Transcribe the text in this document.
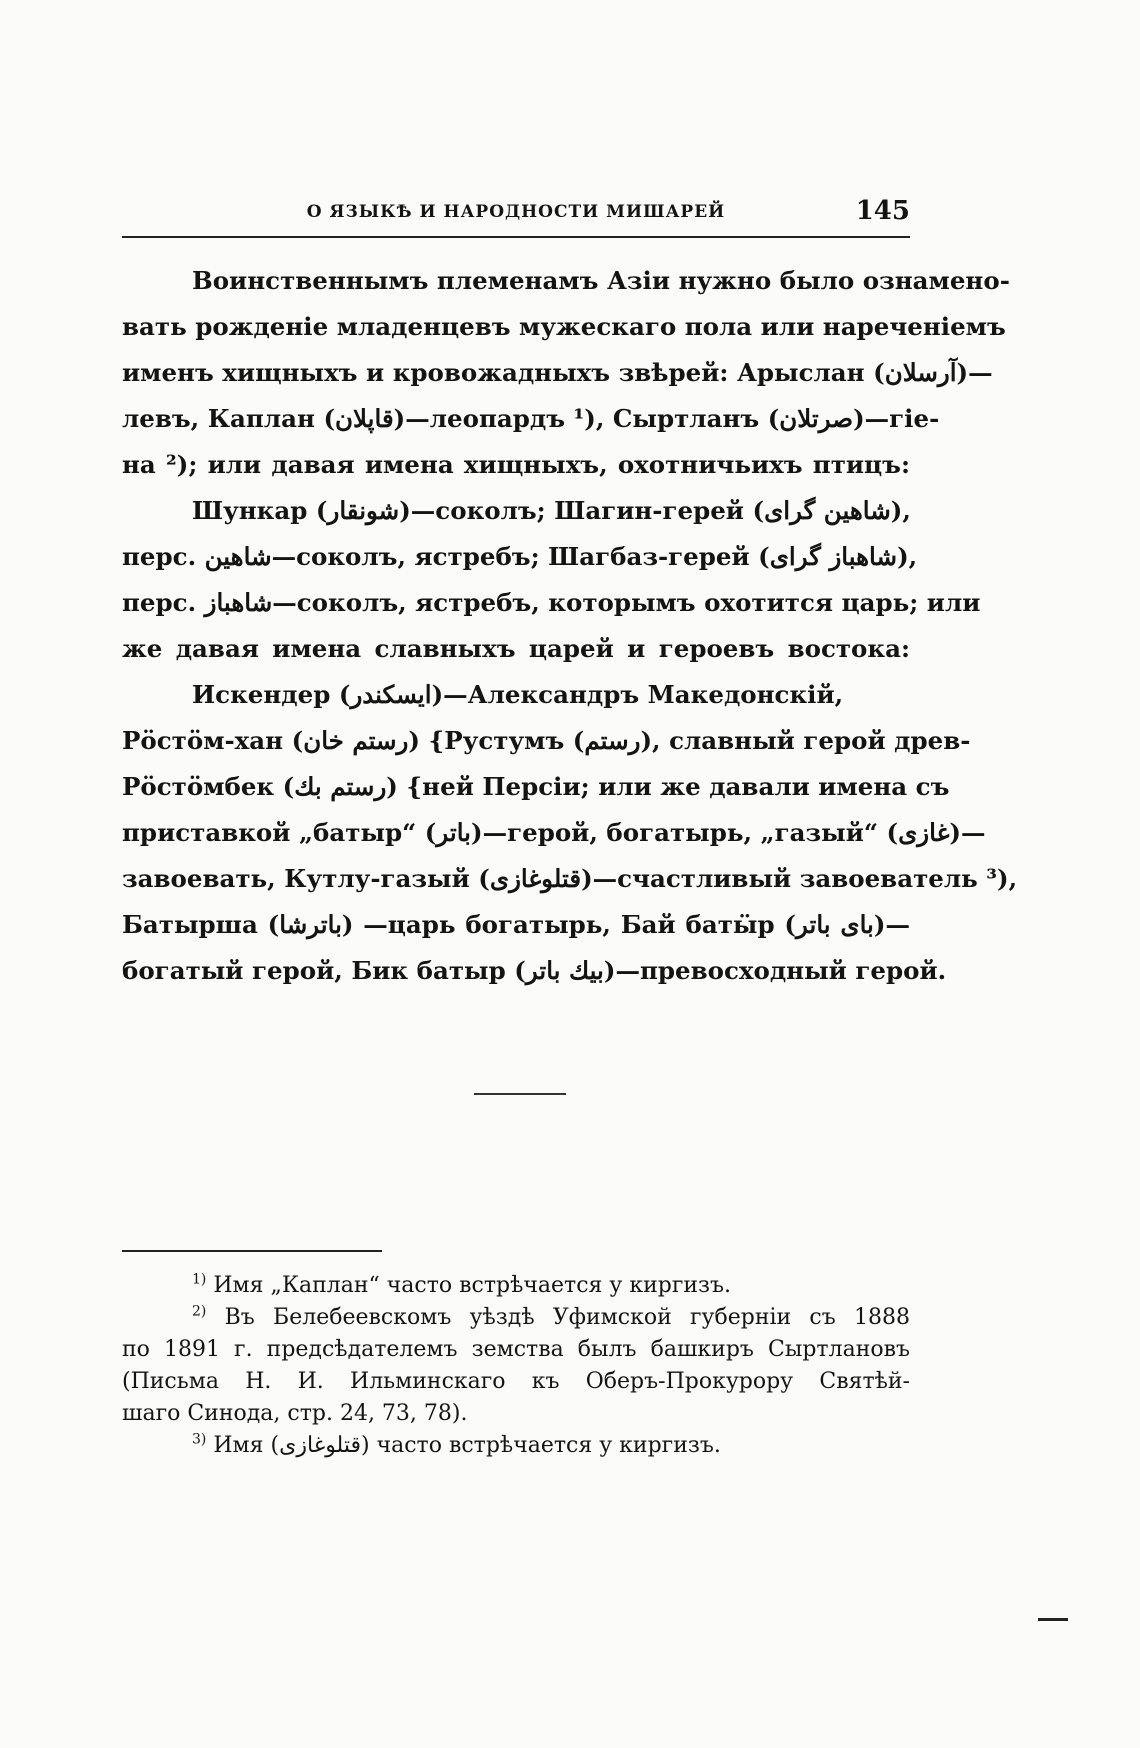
О ЯЗЫКѢ И НАРОДНОСТИ МИШАРЕЙ	145
Воинственнымъ племенамъ Азіи нужно было ознамено-
вать рожденіе младенцевъ мужескаго пола или нареченіемъ
именъ хищныхъ и кровожадныхъ звѣрей: Арыслан (آرسلان)—
левъ, Каплан (قاپلان)—леопардъ ¹), Сыртланъ (صرتلان)—гіе-
на ²); или давая имена хищныхъ, охотничьихъ птицъ:
Шункар (شونقار)—соколъ; Шагин-герей (شاهين گرای),
перс. شاهين—соколъ, ястребъ; Шагбаз-герей (شاهباز گرای),
перс. شاهباز—соколъ, ястребъ, которымъ охотится царь; или
же давая имена славныхъ царей и героевъ востока:
Искендер (ايسكندر)—Александръ Македонскій,
Рӧстӧм-хан (رستم خان) {Рустумъ (رستم), славный герой древ-
Рӧстӧмбек (رستم بك) {ней Персіи; или же давали имена съ
приставкой „батыр“ (باتر)—герой, богатырь, „газый“ (غازی)—
завоевать, Кутлу-газый (قتلوغازی)—счастливый завоеватель ³),
Батырша (باترشا) —царь богатырь, Бай батӹр (بای باتر)—
богатый герой, Бик батыр (بيك باتر)—превосходный герой.
$^{1)}$ Имя „Каплан“ часто встрѣчается у киргизъ.
$^{2)}$ Въ Белебеевскомъ уѣздѣ Уфимской губерніи съ 1888
по 1891 г. предсѣдателемъ земства былъ башкиръ Сыртлановъ
(Письма Н. И. Ильминскаго къ Оберъ-Прокурору Святѣй-
шаго Синода, стр. 24, 73, 78).
$^{3)}$ Имя (قتلوغازی) часто встрѣчается у киргизъ.
